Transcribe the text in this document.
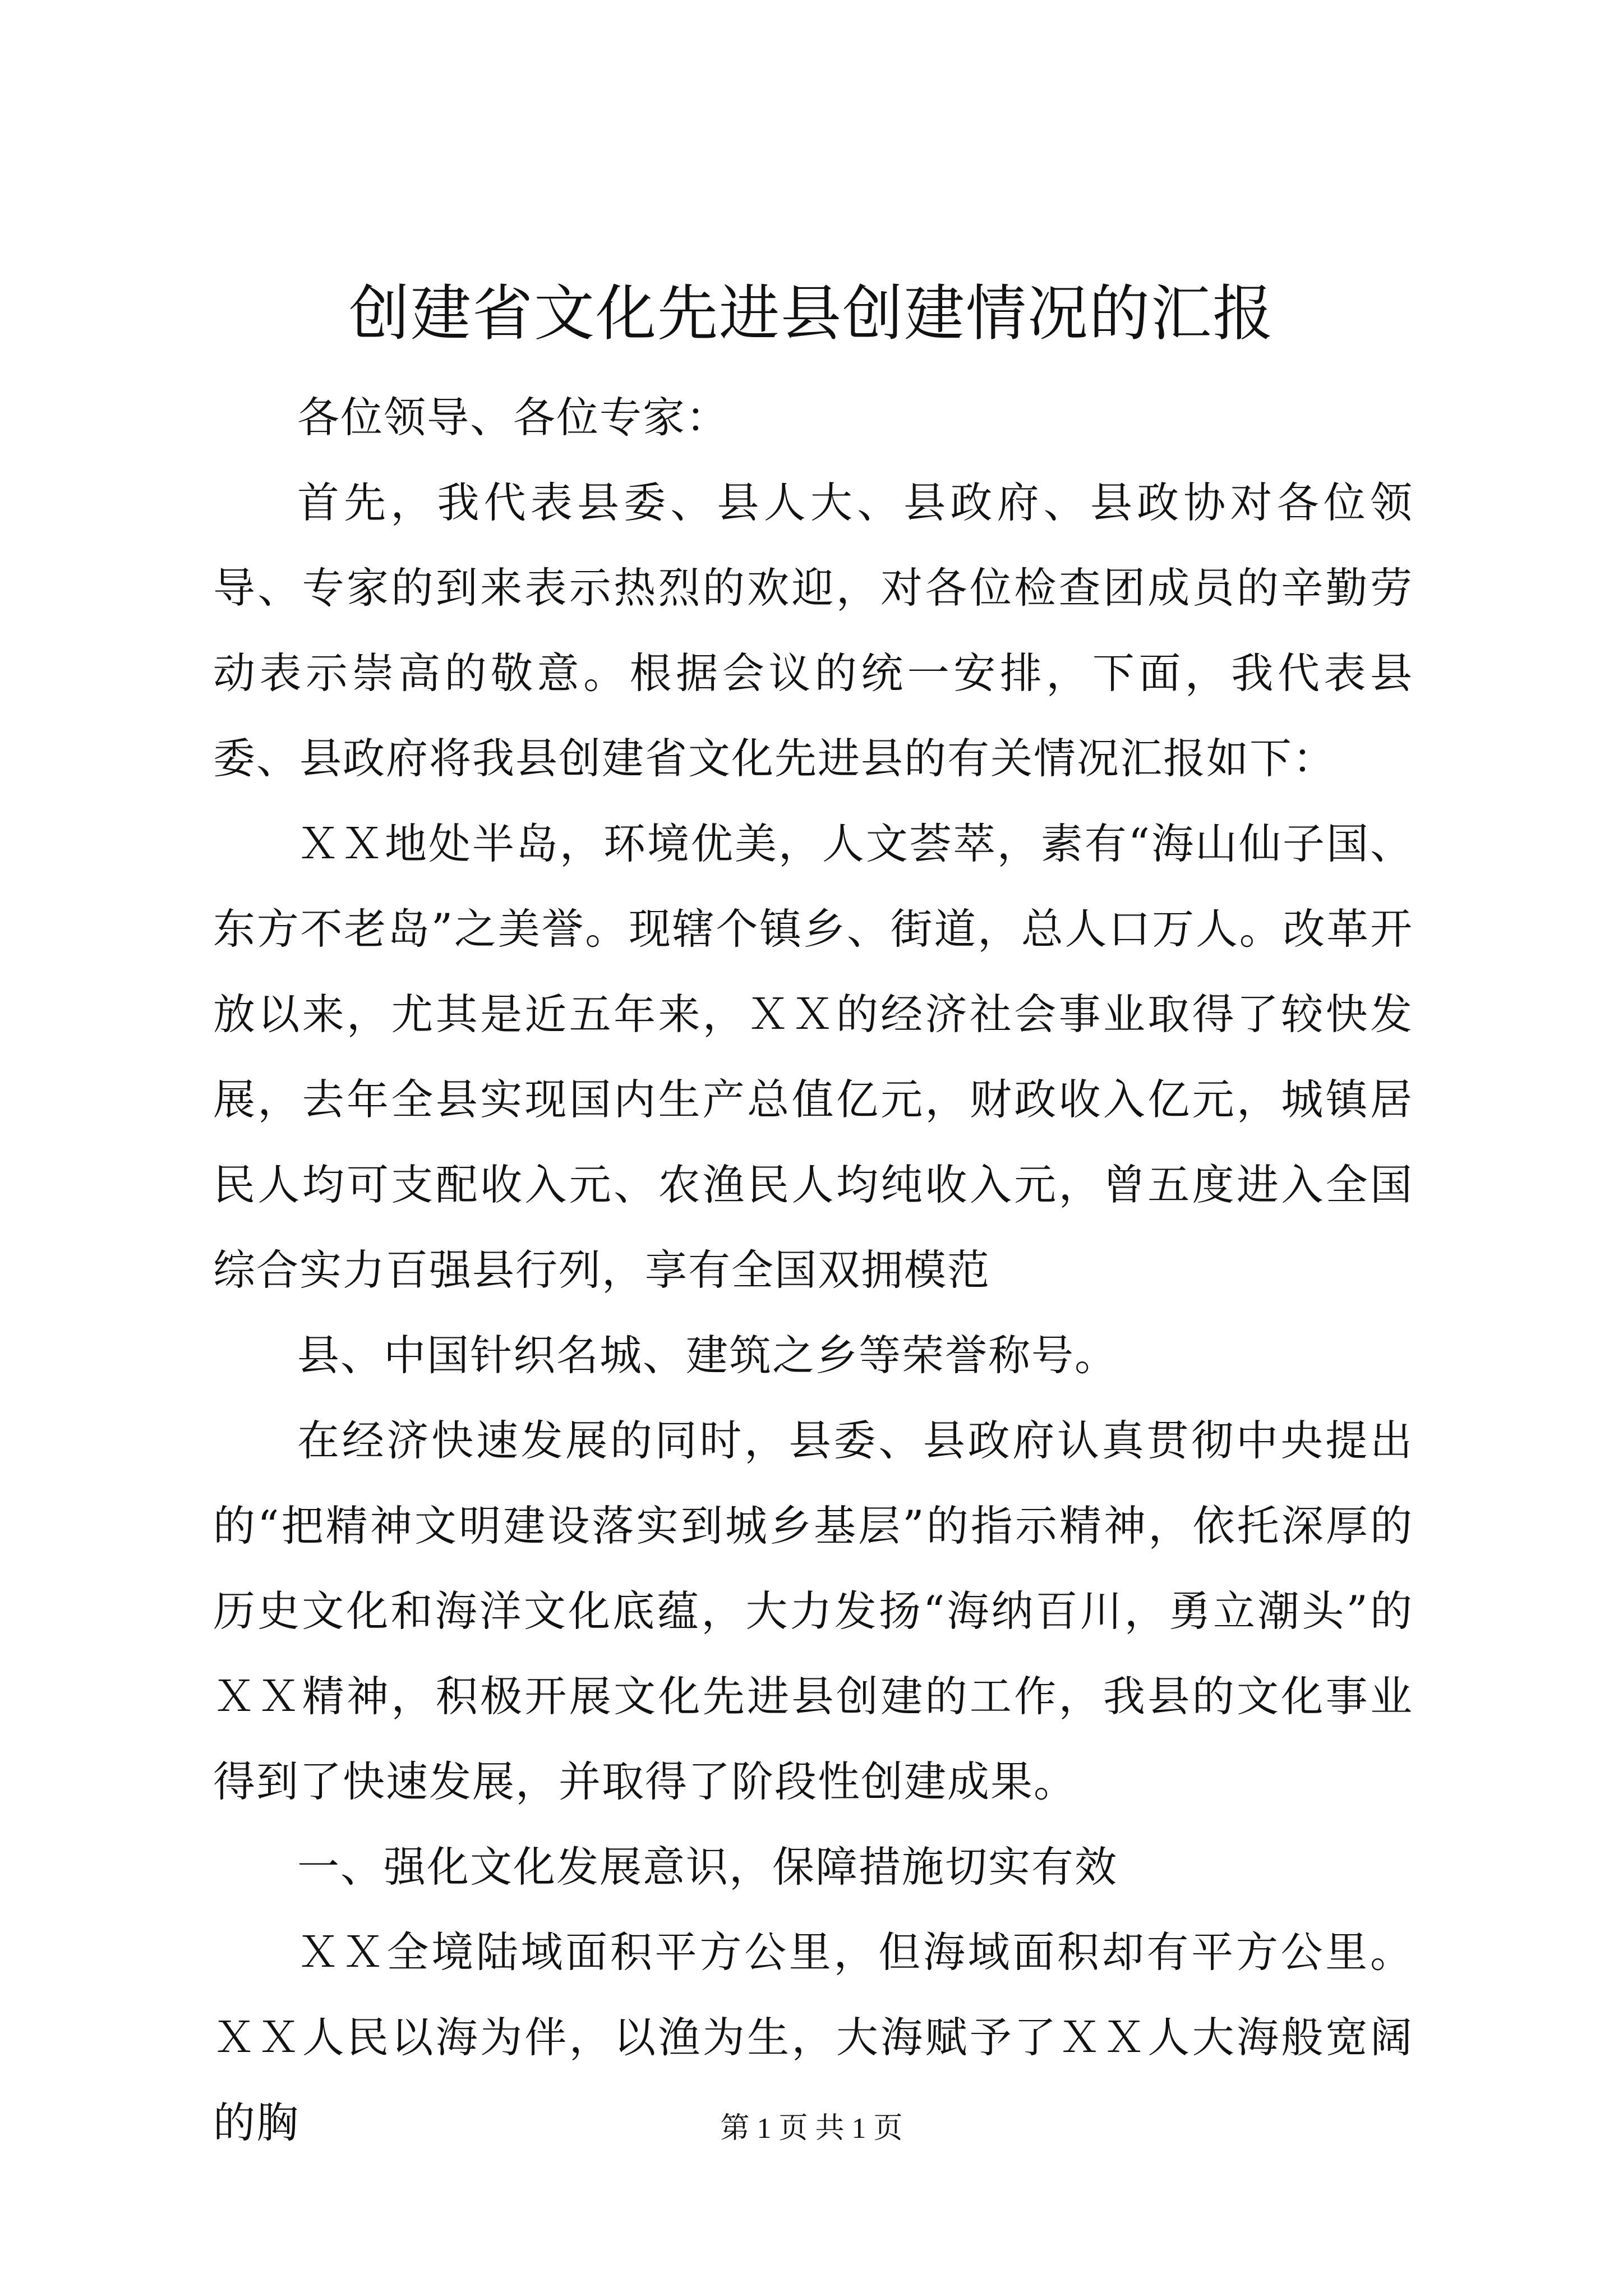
创建省文化先进县创建情况的汇报

各位领导、各位专家：

首先，我代表县委、县人大、县政府、县政协对各位领导、专家的到来表示热烈的欢迎，对各位检查团成员的辛勤劳动表示崇高的敬意。根据会议的统一安排，下面，我代表县委、县政府将我县创建省文化先进县的有关情况汇报如下：

ＸＸ地处半岛，环境优美，人文荟萃，素有“海山仙子国、东方不老岛”之美誉。现辖个镇乡、街道，总人口万人。改革开放以来，尤其是近五年来，ＸＸ的经济社会事业取得了较快发展，去年全县实现国内生产总值亿元，财政收入亿元，城镇居民人均可支配收入元、农渔民人均纯收入元，曾五度进入全国综合实力百强县行列，享有全国双拥模范

县、中国针织名城、建筑之乡等荣誉称号。

在经济快速发展的同时，县委、县政府认真贯彻中央提出的“把精神文明建设落实到城乡基层”的指示精神，依托深厚的历史文化和海洋文化底蕴，大力发扬“海纳百川，勇立潮头”的ＸＸ精神，积极开展文化先进县创建的工作，我县的文化事业得到了快速发展，并取得了阶段性创建成果。

一、强化文化发展意识，保障措施切实有效

ＸＸ全境陆域面积平方公里，但海域面积却有平方公里。ＸＸ人民以海为伴，以渔为生，大海赋予了ＸＸ人大海般宽阔的胸	第 1 页 共 1 页
